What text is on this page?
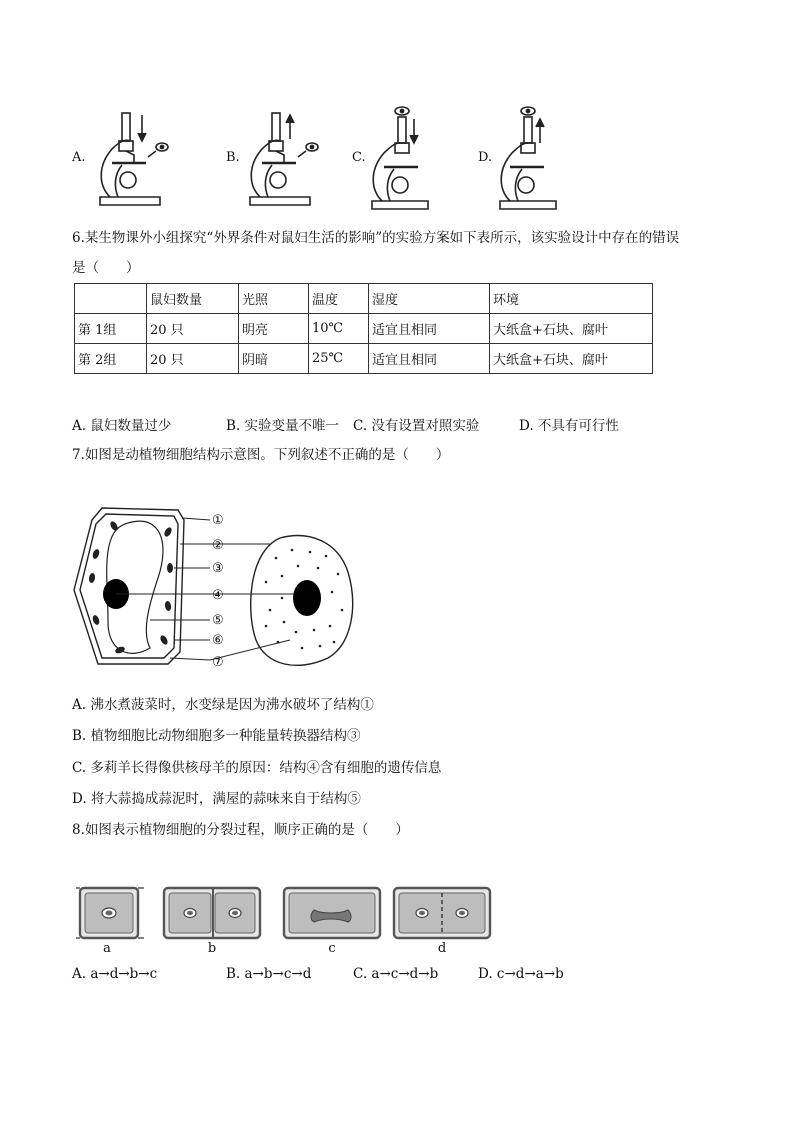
A.	B.	C.	D.
6.某生物课外小组探究“外界条件对鼠妇生活的影响”的实验方案如下表所示，该实验设计中存在的错误
是（　　）
	鼠妇数量	光照	温度	湿度	环境
第 1组	20 只	明亮	10℃	适宜且相同	大纸盒+石块、腐叶
第 2组	20 只	阴暗	25℃	适宜且相同	大纸盒+石块、腐叶
A. 鼠妇数量过少	B. 实验变量不唯一 C. 没有设置对照实验	D. 不具有可行性
7.如图是动植物细胞结构示意图。下列叙述不正确的是（　　）
①
②
③
④
⑤
⑥
⑦
A. 沸水煮菠菜时，水变绿是因为沸水破坏了结构①
B. 植物细胞比动物细胞多一种能量转换器结构③
C. 多莉羊长得像供核母羊的原因：结构④含有细胞的遗传信息
D. 将大蒜捣成蒜泥时，满屋的蒜味来自于结构⑤
8.如图表示植物细胞的分裂过程，顺序正确的是（　　）
a	b	c	d
A. a→d→b→c	B. a→b→c→d	C. a→c→d→b	D. c→d→a→b
